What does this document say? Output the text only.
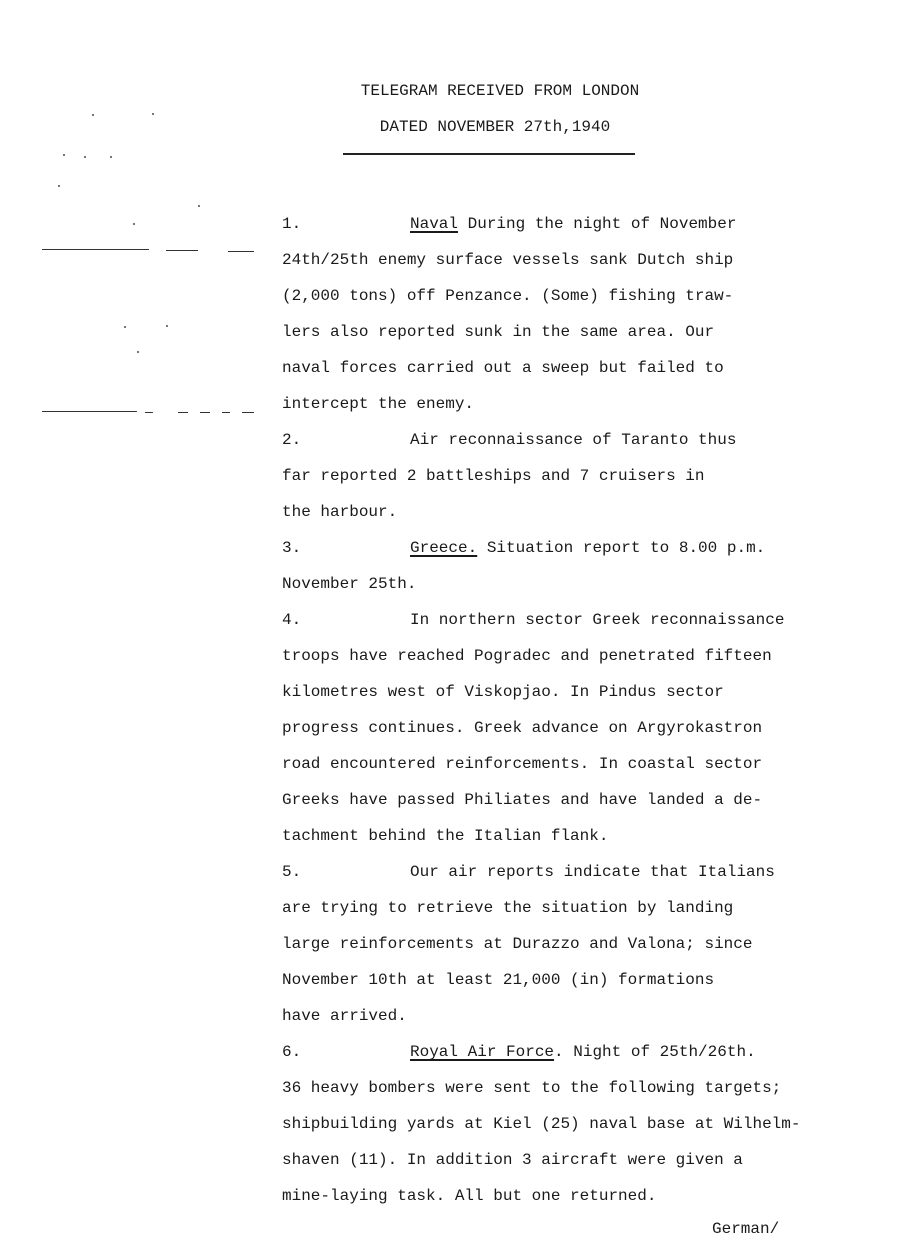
TELEGRAM RECEIVED FROM LONDON
DATED NOVEMBER 27th,1940
1.	Naval During the night of November
24th/25th enemy surface vessels sank Dutch ship
(2,000 tons) off Penzance. (Some) fishing traw-
lers also reported sunk in the same area. Our
naval forces carried out a sweep but failed to
intercept the enemy.
2.	Air reconnaissance of Taranto thus
far reported 2 battleships and 7 cruisers in
the harbour.
3.	Greece. Situation report to 8.00 p.m.
November 25th.
4.	In northern sector Greek reconnaissance
troops have reached Pogradec and penetrated fifteen
kilometres west of Viskopjao. In Pindus sector
progress continues. Greek advance on Argyrokastron
road encountered reinforcements. In coastal sector
Greeks have passed Philiates and have landed a de-
tachment behind the Italian flank.
5.	Our air reports indicate that Italians
are trying to retrieve the situation by landing
large reinforcements at Durazzo and Valona; since
November 10th at least 21,000 (in) formations
have arrived.
6.	Royal Air Force. Night of 25th/26th.
36 heavy bombers were sent to the following targets;
shipbuilding yards at Kiel (25) naval base at Wilhelm-
shaven (11). In addition 3 aircraft were given a
mine-laying task. All but one returned.
German/
